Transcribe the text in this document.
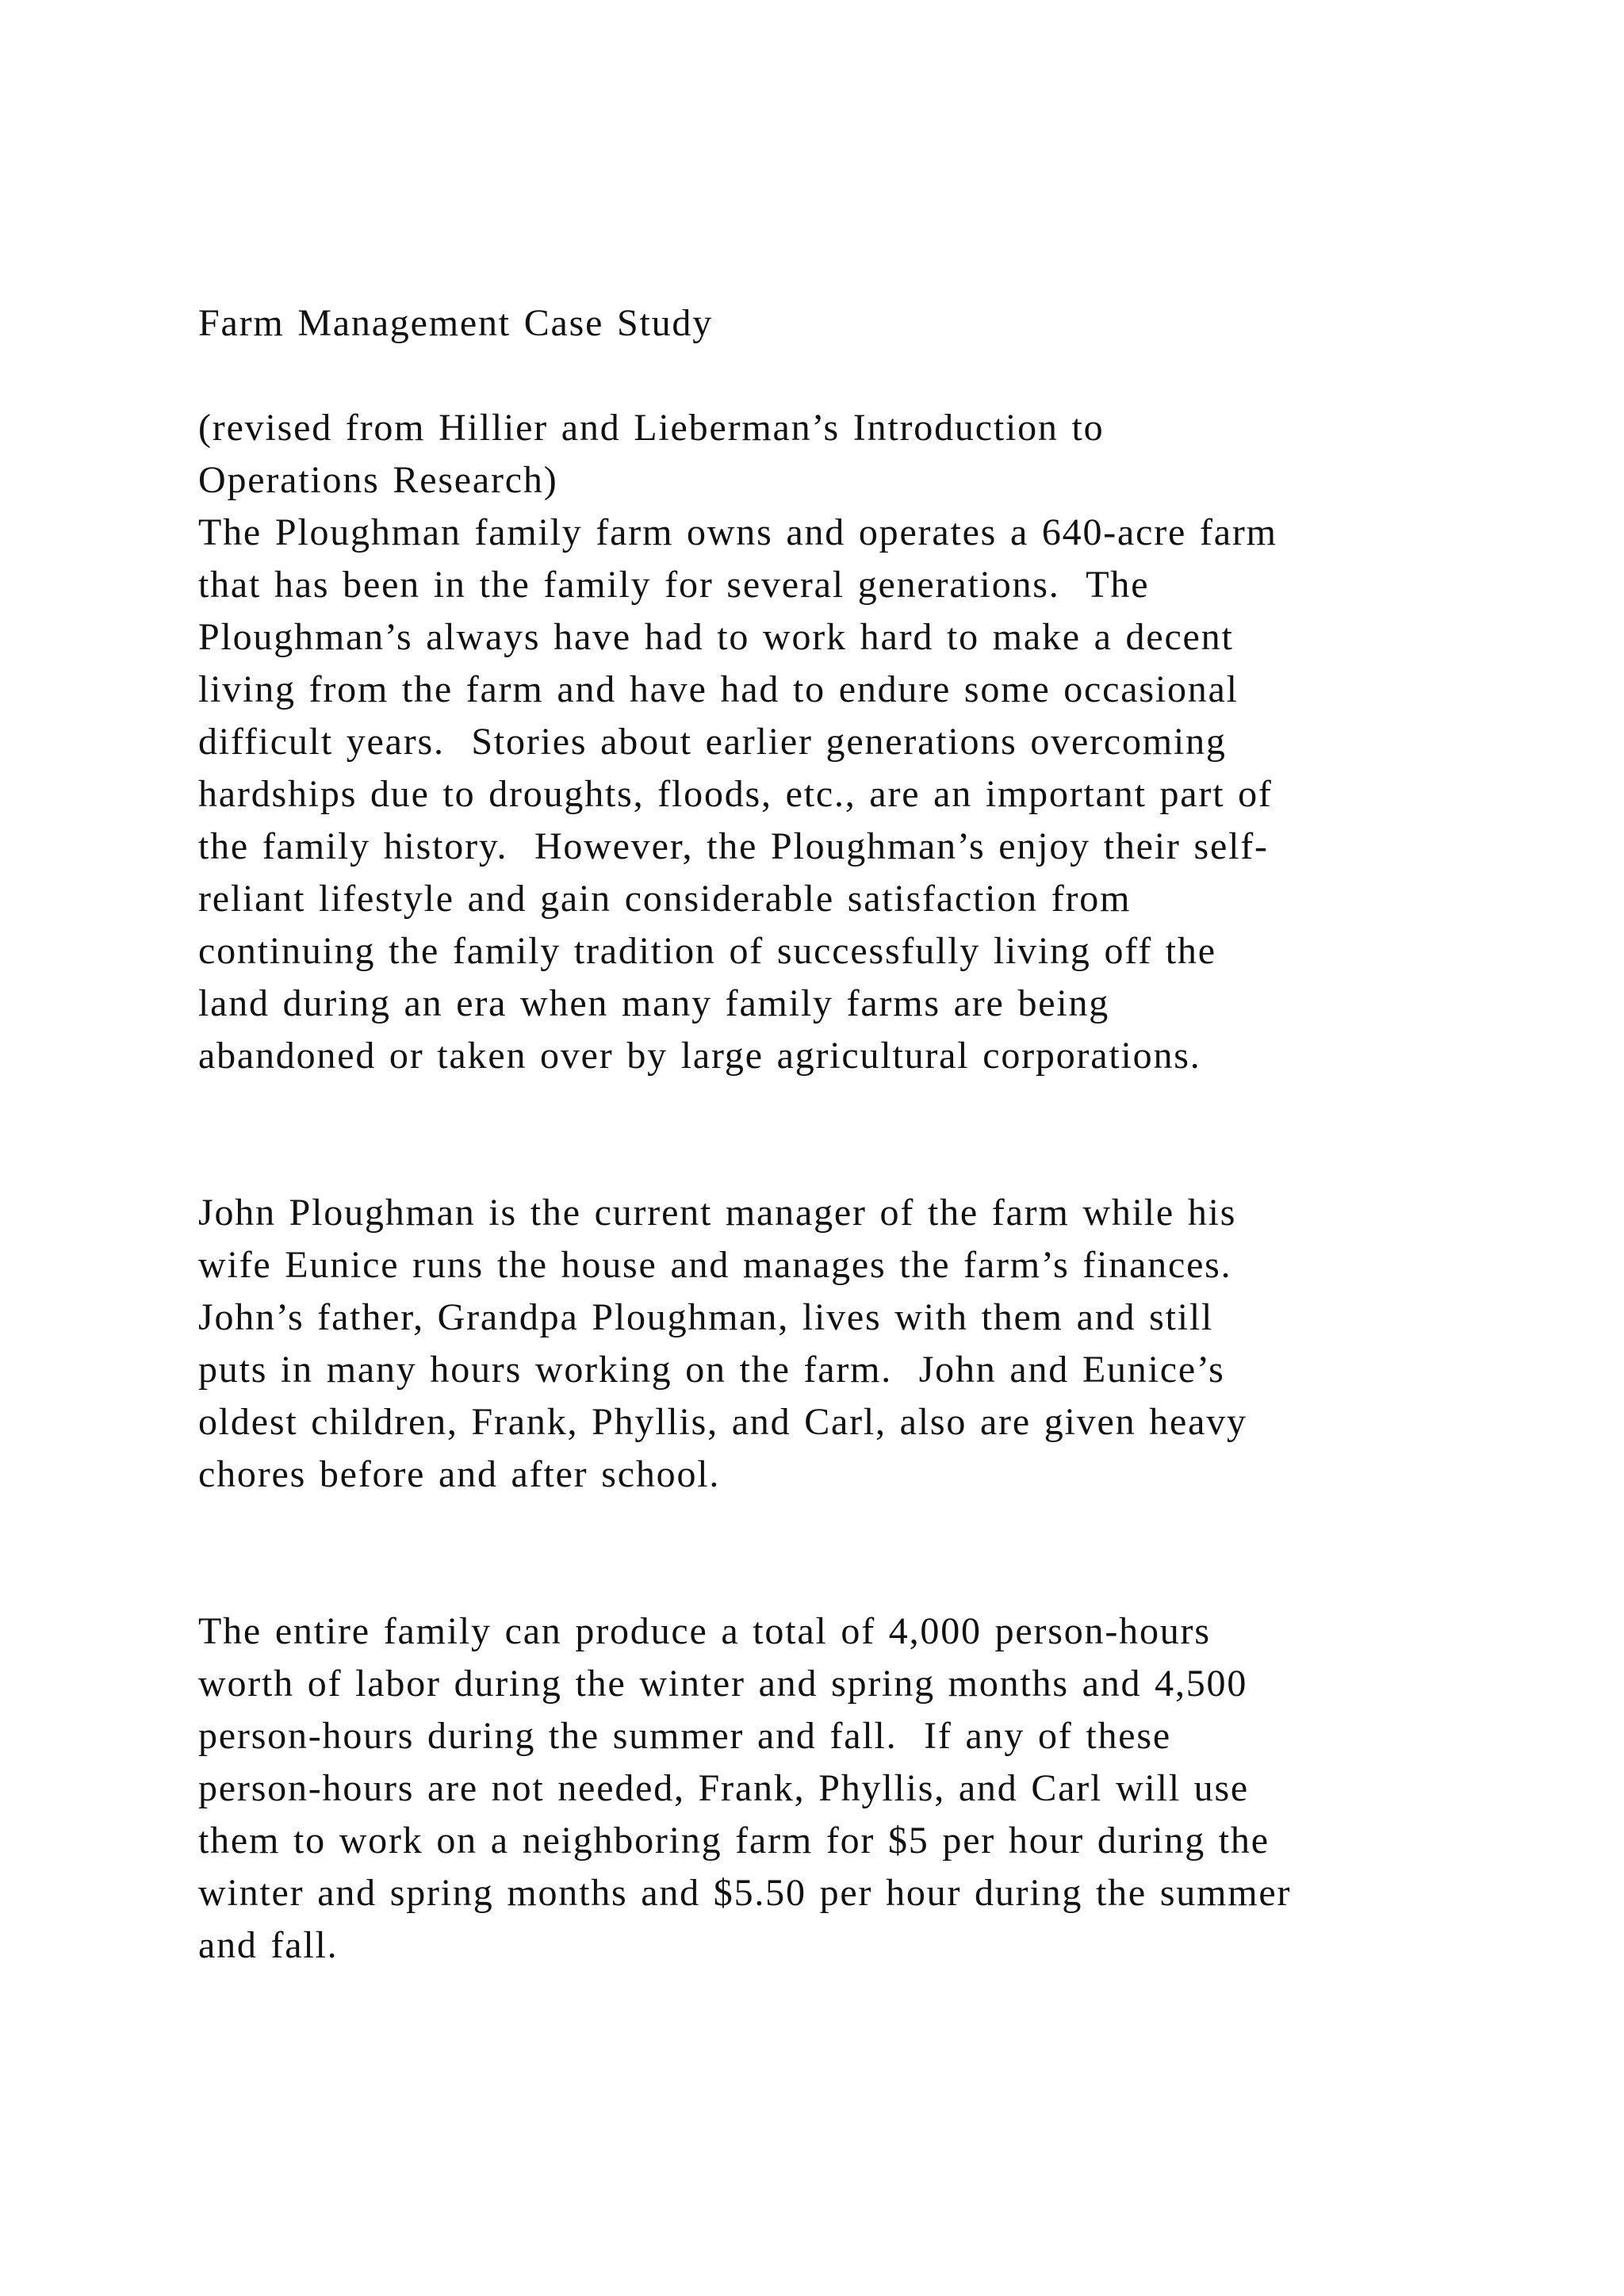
Farm Management Case Study
(revised from Hillier and Lieberman’s Introduction to
Operations Research)
The Ploughman family farm owns and operates a 640-acre farm
that has been in the family for several generations.  The
Ploughman’s always have had to work hard to make a decent
living from the farm and have had to endure some occasional
difficult years.  Stories about earlier generations overcoming
hardships due to droughts, floods, etc., are an important part of
the family history.  However, the Ploughman’s enjoy their self-
reliant lifestyle and gain considerable satisfaction from
continuing the family tradition of successfully living off the
land during an era when many family farms are being
abandoned or taken over by large agricultural corporations.
John Ploughman is the current manager of the farm while his
wife Eunice runs the house and manages the farm’s finances.
John’s father, Grandpa Ploughman, lives with them and still
puts in many hours working on the farm.  John and Eunice’s
oldest children, Frank, Phyllis, and Carl, also are given heavy
chores before and after school.
The entire family can produce a total of 4,000 person-hours
worth of labor during the winter and spring months and 4,500
person-hours during the summer and fall.  If any of these
person-hours are not needed, Frank, Phyllis, and Carl will use
them to work on a neighboring farm for $5 per hour during the
winter and spring months and $5.50 per hour during the summer
and fall.
